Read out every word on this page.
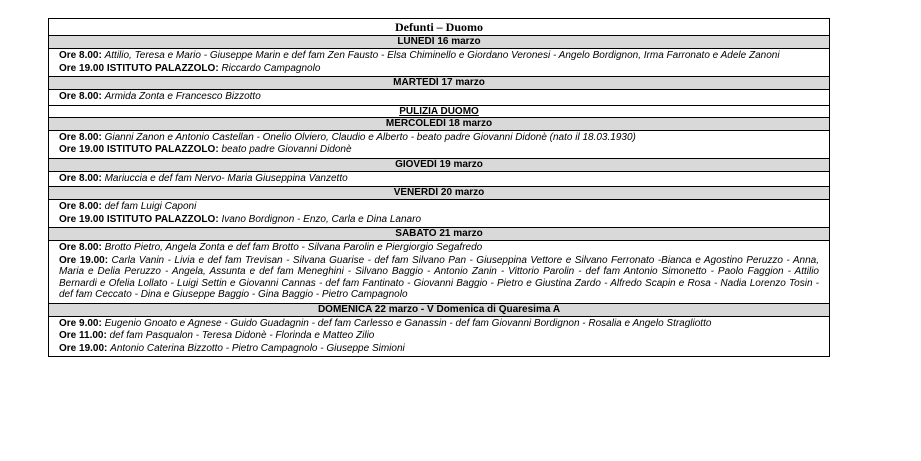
Defunti – Duomo
LUNEDÍ 16 marzo

Ore 8.00: Attilio, Teresa e Mario - Giuseppe Marin e def fam Zen Fausto - Elsa Chiminello e Giordano Veronesi - Angelo Bordignon, Irma Farronato e Adele Zanoni

Ore 19.00 ISTITUTO PALAZZOLO: Riccardo Campagnolo

MARTEDÍ 17 marzo

Ore 8.00: Armida Zonta e Francesco Bizzotto

PULIZIA DUOMO
MERCOLEDÍ 18 marzo

Ore 8.00: Gianni Zanon e Antonio Castellan - Onelio Olviero, Claudio e Alberto - beato padre Giovanni Didonè (nato il 18.03.1930)

Ore 19.00 ISTITUTO PALAZZOLO: beato padre Giovanni Didonè

GIOVEDÍ 19 marzo

Ore 8.00: Mariuccia e def fam Nervo- Maria Giuseppina Vanzetto

VENERDÍ 20 marzo

Ore 8.00: def fam Luigi Caponi

Ore 19.00 ISTITUTO PALAZZOLO: Ivano Bordignon - Enzo, Carla e Dina Lanaro

SABATO 21 marzo

Ore 8.00: Brotto Pietro, Angela Zonta e def fam Brotto - Silvana Parolin e Piergiorgio Segafredo

Ore 19.00: Carla Vanin - Livia e def fam Trevisan - Silvana Guarise - def fam Silvano Pan - Giuseppina Vettore e Silvano Ferronato -Bianca e Agostino Peruzzo - Anna, Maria e Delia Peruzzo - Angela, Assunta e def fam Meneghini - Silvano Baggio - Antonio Zanin - Vittorio Parolin - def fam Antonio Simonetto - Paolo Faggion - Attilio Bernardi e Ofelia Lollato - Luigi Settin e Giovanni Cannas - def fam Fantinato - Giovanni Baggio - Pietro e Giustina Zardo - Alfredo Scapin e Rosa - Nadia Lorenzo Tosin - def fam Ceccato - Dina e Giuseppe Baggio - Gina Baggio - Pietro Campagnolo

DOMENICA 22 marzo - V Domenica di Quaresima A

Ore 9.00: Eugenio Gnoato e Agnese - Guido Guadagnin - def fam Carlesso e Ganassin - def fam Giovanni Bordignon - Rosalia e Angelo Stragliotto

Ore 11.00: def fam Pasqualon - Teresa Didonè - Florinda e Matteo Zilio

Ore 19.00: Antonio Caterina Bizzotto - Pietro Campagnolo - Giuseppe Simioni
